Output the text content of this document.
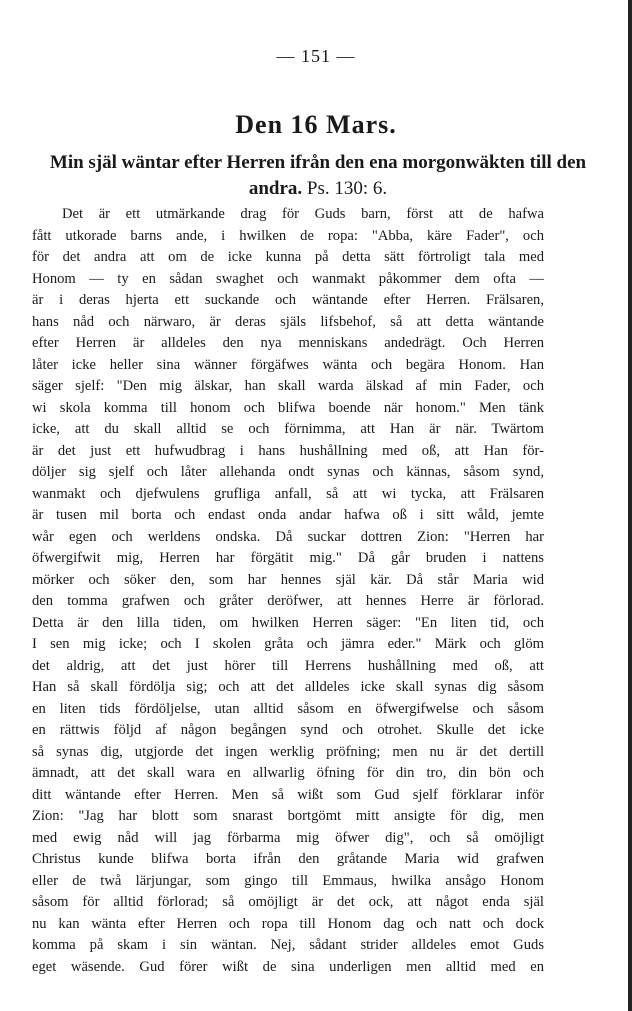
— 151 —
Den 16 Mars.
Min själ wäntar efter Herren ifrån den ena morgonwäkten till den andra. Ps. 130: 6.
Det är ett utmärkande drag för Guds barn, först att de hafwa
fått utkorade barns ande, i hwilken de ropa: "Abba, käre Fader", och
för det andra att om de icke kunna på detta sätt förtroligt tala med
Honom — ty en sådan swaghet och wanmakt påkommer dem ofta —
är i deras hjerta ett suckande och wäntande efter Herren. Frälsaren,
hans nåd och närwaro, är deras själs lifsbehof, så att detta wäntande
efter Herren är alldeles den nya menniskans andedrägt. Och Herren
låter icke heller sina wänner förgäfwes wänta och begära Honom. Han
säger sjelf: "Den mig älskar, han skall warda älskad af min Fader, och
wi skola komma till honom och blifwa boende när honom." Men tänk
icke, att du skall alltid se och förnimma, att Han är när. Twärtom
är det just ett hufwudbrag i hans hushållning med oß, att Han för-
döljer sig sjelf och låter allehanda ondt synas och kännas, såsom synd,
wanmakt och djefwulens grufliga anfall, så att wi tycka, att Frälsaren
är tusen mil borta och endast onda andar hafwa oß i sitt wåld, jemte
wår egen och werldens ondska. Då suckar dottren Zion: "Herren har
öfwergifwit mig, Herren har förgätit mig." Då går bruden i nattens
mörker och söker den, som har hennes själ kär. Då står Maria wid
den tomma grafwen och gråter deröfwer, att hennes Herre är förlorad.
Detta är den lilla tiden, om hwilken Herren säger: "En liten tid, och
I sen mig icke; och I skolen gråta och jämra eder." Märk och glöm
det aldrig, att det just hörer till Herrens hushållning med oß, att
Han så skall fördölja sig; och att det alldeles icke skall synas dig såsom
en liten tids fördöljelse, utan alltid såsom en öfwergifwelse och såsom
en rättwis följd af någon begången synd och otrohet. Skulle det icke
så synas dig, utgjorde det ingen werklig pröfning; men nu är det dertill
ämnadt, att det skall wara en allwarlig öfning för din tro, din bön och
ditt wäntande efter Herren. Men så wißt som Gud sjelf förklarar inför
Zion: "Jag har blott som snarast bortgömt mitt ansigte för dig, men
med ewig nåd will jag förbarma mig öfwer dig", och så omöjligt
Christus kunde blifwa borta ifrån den gråtande Maria wid grafwen
eller de twå lärjungar, som gingo till Emmaus, hwilka ansågo Honom
såsom för alltid förlorad; så omöjligt är det ock, att något enda själ
nu kan wänta efter Herren och ropa till Honom dag och natt och dock
komma på skam i sin wäntan. Nej, sådant strider alldeles emot Guds
eget wäsende. Gud förer wißt de sina underligen men alltid med en
